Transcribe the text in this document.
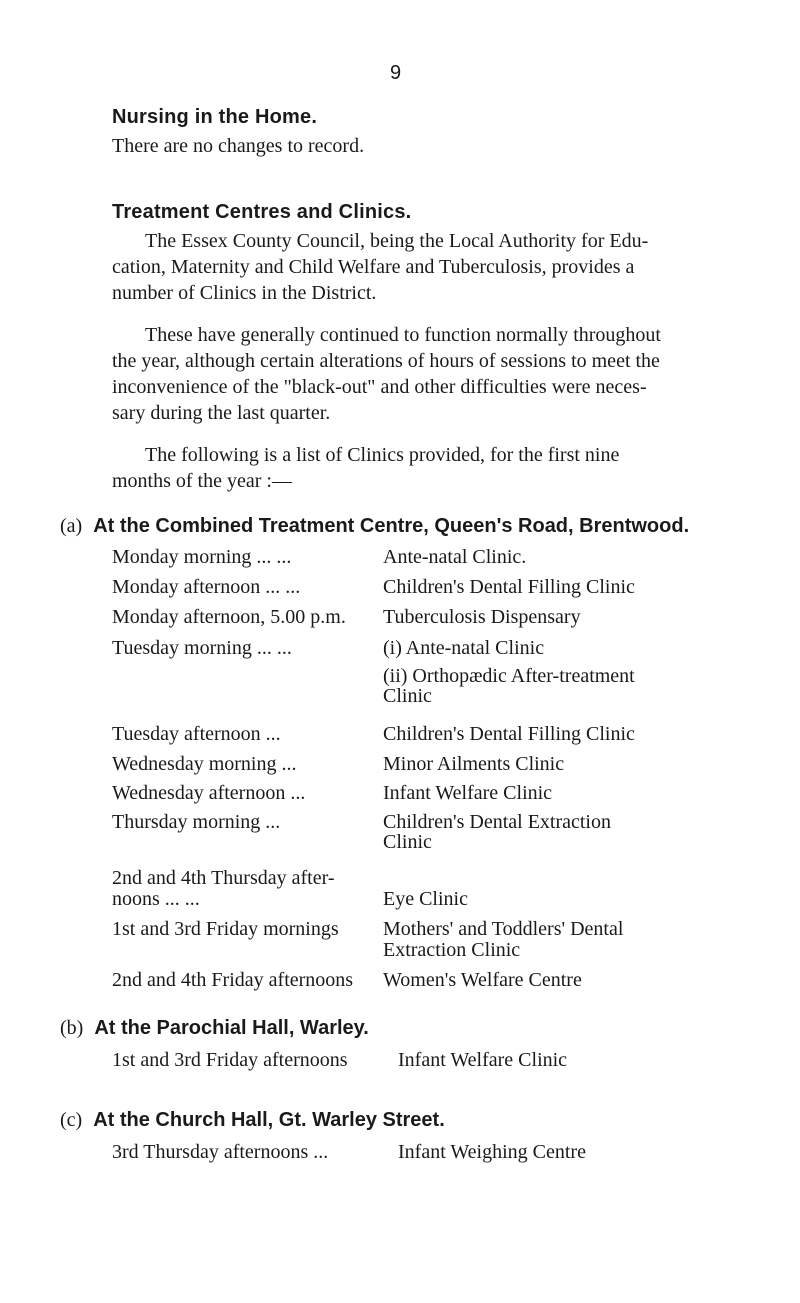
9
Nursing in the Home.
There are no changes to record.
Treatment Centres and Clinics.
The Essex County Council, being the Local Authority for Edu-
cation, Maternity and Child Welfare and Tuberculosis, provides a
number of Clinics in the District.
These have generally continued to function normally throughout
the year, although certain alterations of hours of sessions to meet the
inconvenience of the "black-out" and other difficulties were neces-
sary during the last quarter.
The following is a list of Clinics provided, for the first nine
months of the year :—
(a) At the Combined Treatment Centre, Queen's Road, Brentwood.
Monday morning ... ...	Ante-natal Clinic.
Monday afternoon ... ...	Children's Dental Filling Clinic
Monday afternoon, 5.00 p.m. Tuberculosis Dispensary
Tuesday morning ... ...	(i) Ante-natal Clinic
(ii) Orthopædic After-treatment
Clinic
Tuesday afternoon ...	Children's Dental Filling Clinic
Wednesday morning ...	Minor Ailments Clinic
Wednesday afternoon ...	Infant Welfare Clinic
Thursday morning ...	Children's Dental Extraction
Clinic
2nd and 4th Thursday after-
noons ... ...	Eye Clinic
1st and 3rd Friday mornings Mothers' and Toddlers' Dental
Extraction Clinic
2nd and 4th Friday afternoons Women's Welfare Centre
(b) At the Parochial Hall, Warley.
1st and 3rd Friday afternoons	Infant Welfare Clinic
(c) At the Church Hall, Gt. Warley Street.
3rd Thursday afternoons ...	Infant Weighing Centre
